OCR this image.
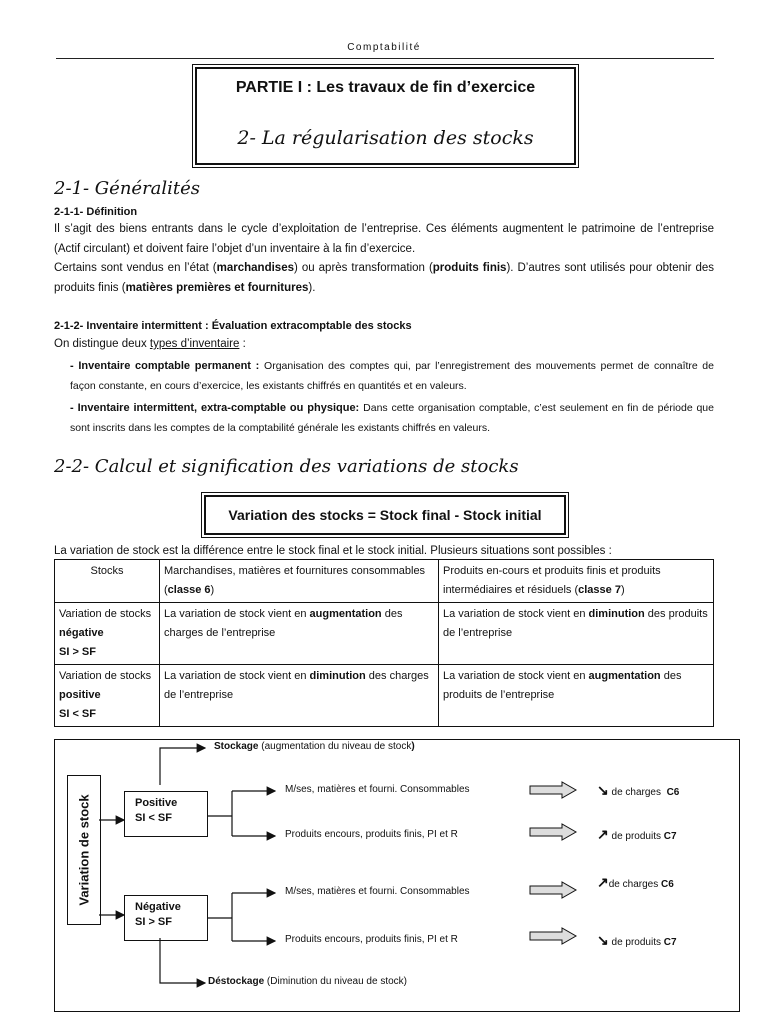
Comptabilité
PARTIE I : Les travaux de fin d’exercice
2- La régularisation des stocks
2-1- Généralités
2-1-1- Définition
Il s’agit des biens entrants dans le cycle d’exploitation de l’entreprise. Ces éléments augmentent le patrimoine de l’entreprise (Actif circulant) et doivent faire l’objet d’un inventaire à la fin d’exercice.
Certains sont vendus en l’état (marchandises) ou après transformation (produits finis). D’autres sont utilisés pour obtenir des produits finis (matières premières et fournitures).
2-1-2- Inventaire intermittent : Évaluation extracomptable des stocks
On distingue deux types d’inventaire :
- Inventaire comptable permanent : Organisation des comptes qui, par l’enregistrement des mouvements permet de connaître de façon constante, en cours d’exercice, les existants chiffrés en quantités et en valeurs.
- Inventaire intermittent, extra-comptable ou physique: Dans cette organisation comptable, c’est seulement en fin de période que sont inscrits dans les comptes de la comptabilité générale les existants chiffrés en valeurs.
2-2- Calcul et signification des variations de stocks
Variation des stocks = Stock final - Stock initial
La variation de stock est la différence entre le stock final et le stock initial. Plusieurs situations sont possibles :
Stocks	Marchandises, matières et fournitures consommables (classe 6)	Produits en-cours et produits finis et produits intermédiaires et résiduels (classe 7)
Variation de stocks négative
SI > SF	La variation de stock vient en augmentation des charges de l’entreprise	La variation de stock vient en diminution des produits de l’entreprise
Variation de stocks positive
SI < SF	La variation de stock vient en diminution des charges de l’entreprise	La variation de stock vient en augmentation des produits de l’entreprise
Variation de stock
Stockage (augmentation du niveau de stock)
Positive
SI < SF
Négative
SI > SF
M/ses, matières et fourni. Consommables
Produits encours, produits finis, PI et R
M/ses, matières et fourni. Consommables
Produits encours, produits finis, PI et R
↘ de charges C6
↗ de produits C7
↗de charges C6
↘ de produits C7
Déstockage (Diminution du niveau de stock)
